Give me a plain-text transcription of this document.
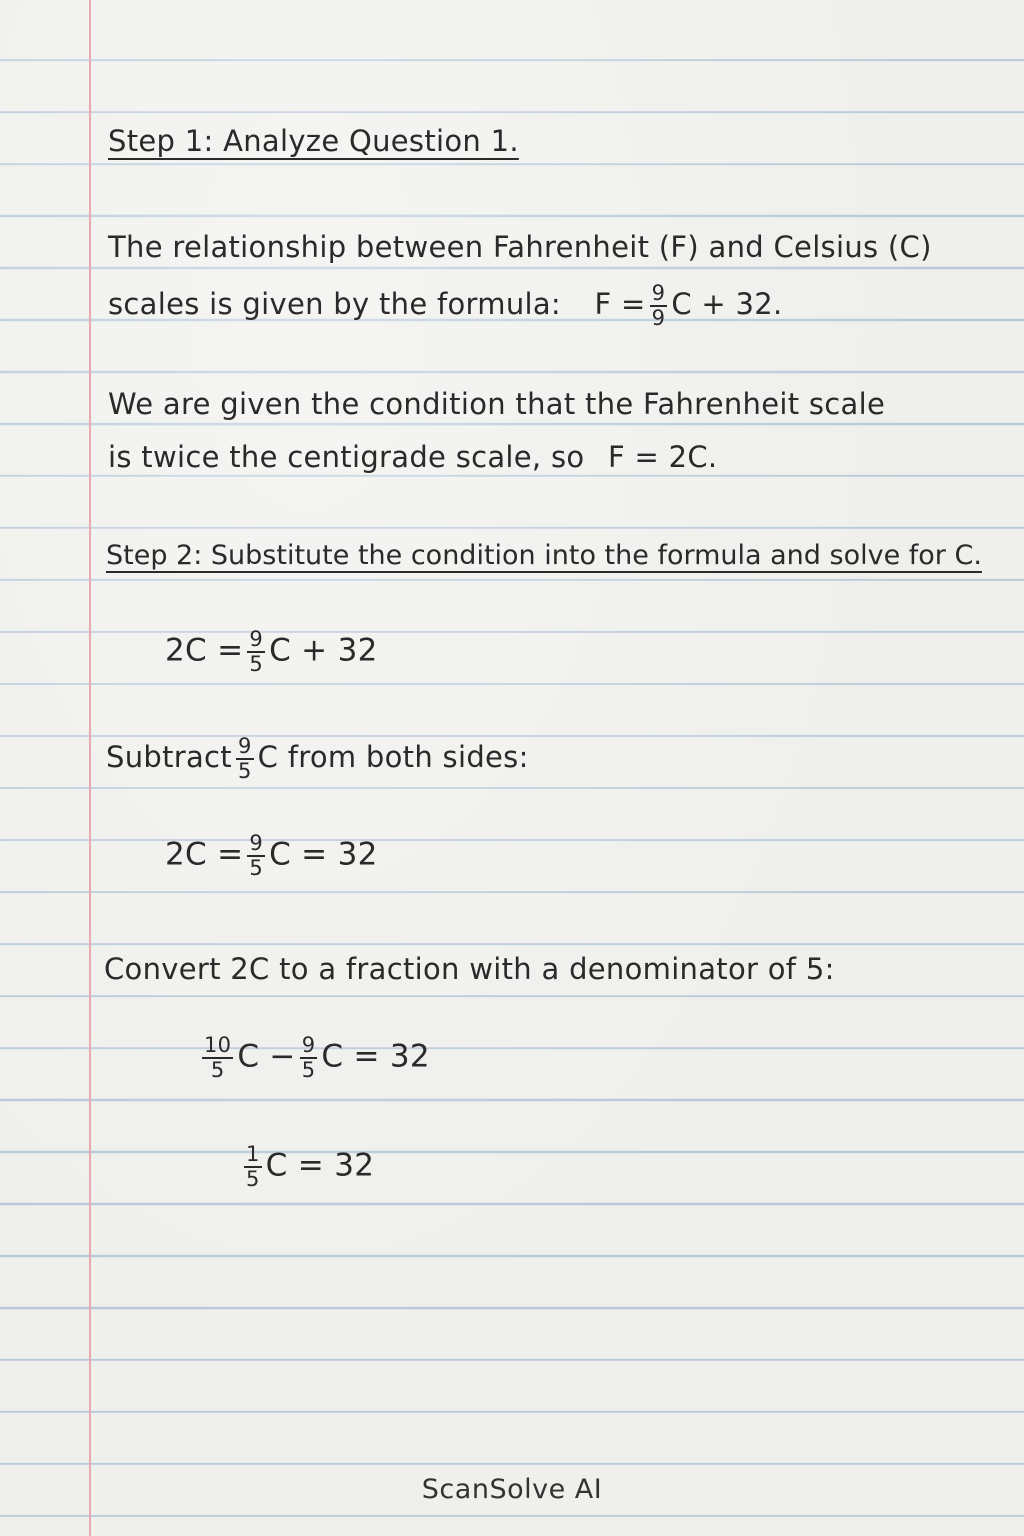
Step 1: Analyze Question 1.
The relationship between Fahrenheit (F) and Celsius (C)
scales is given by the formula: $F = \frac{9}{9}$ C + 32.
We are given the condition that the Fahrenheit scale
is twice the centigrade scale, so F = 2C.
Step 2: Substitute the condition into the formula and solve for C.
$2C = \frac{9}{5}$ C + 32
Subtract $\frac{9}{5}$ C from both sides:
$2C = \frac{9}{5}$ C = 32
Convert 2C to a fraction with a denominator of 5:
$\frac{10}{5}$ $C - \frac{9}{5}$ C = 32
$\frac{1}{5}$ C = 32
ScanSolve AI
